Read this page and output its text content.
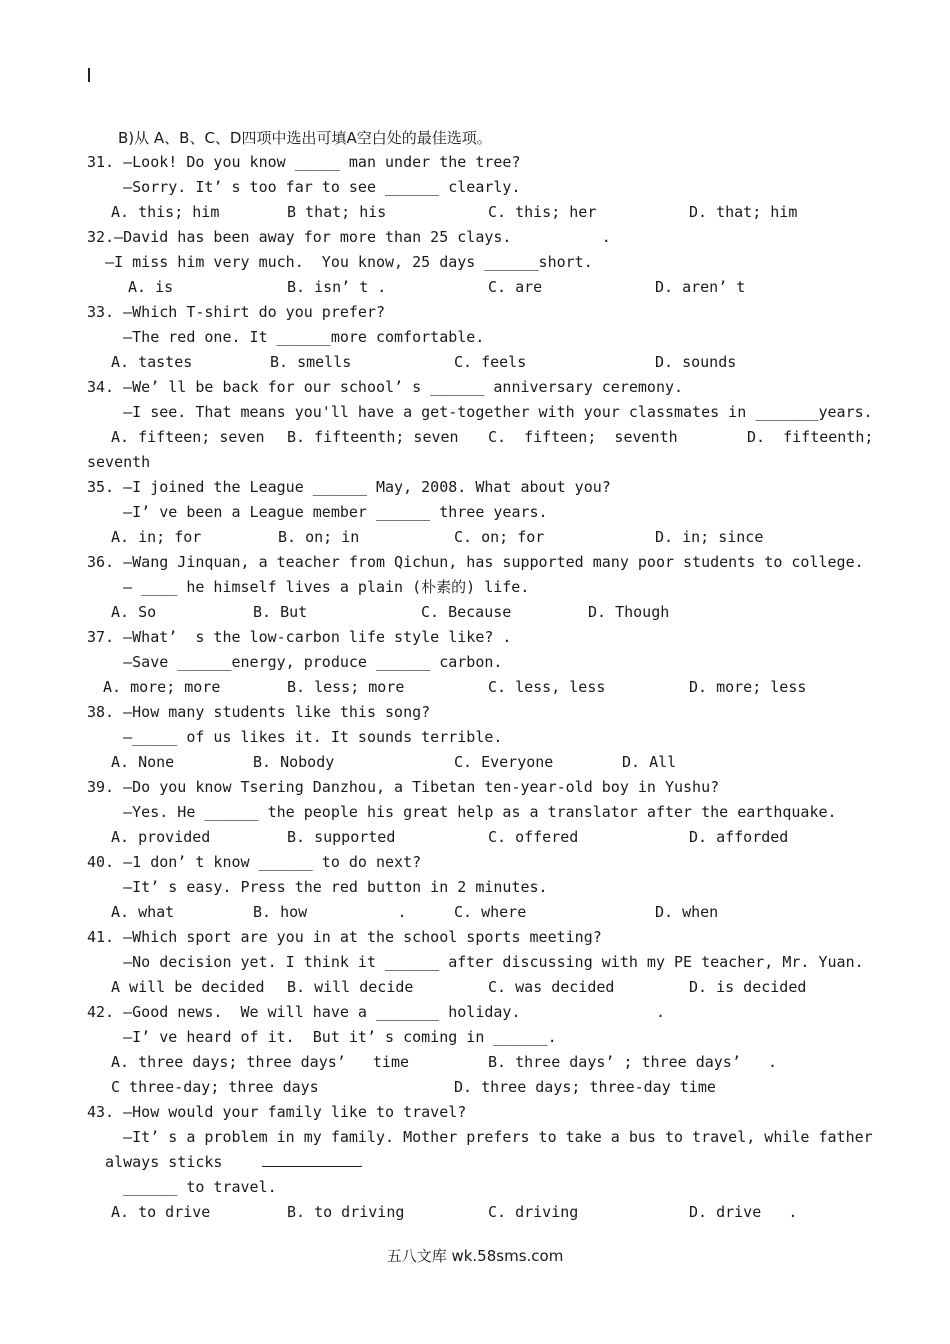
B)从 A、B、C、D四项中选出可填A空白处的最佳选项。
31. —Look! Do you know _____ man under the tree?
—Sorry. It’ s too far to see ______ clearly.
A. this; him	B that; his	C. this; her	D. that; him
32.—David has been away for more than 25 clays.          .
—I miss him very much.  You know, 25 days ______short.
A. is	B. isn’ t .	C. are	D. aren’ t
33. —Which T-shirt do you prefer?
—The red one. It ______more comfortable.
A. tastes	B. smells	C. feels	D. sounds
34. —We’ ll be back for our school’ s ______ anniversary ceremony.
—I see. That means you'll have a get-together with your classmates in _______years.
A. fifteen; seven B. fifteenth; seven C.  fifteen;  seventh	D.  fifteenth;
seventh
35. —I joined the League ______ May, 2008. What about you?
—I’ ve been a League member ______ three years.
A. in; for	B. on; in	C. on; for	D. in; since
36. —Wang Jinquan, a teacher from Qichun, has supported many poor students to college.
— ____ he himself lives a plain (朴素的) life.
A. So	B. But	C. Because	D. Though
37. —What’  s the low-carbon life style like? .
—Save ______energy, produce ______ carbon.
A. more; more	B. less; more	C. less, less	D. more; less
38. —How many students like this song?
—_____ of us likes it. It sounds terrible.
A. None	B. Nobody	C. Everyone	D. All
39. —Do you know Tsering Danzhou, a Tibetan ten-year-old boy in Yushu?
—Yes. He ______ the people his great help as a translator after the earthquake.
A. provided	B. supported	C. offered	D. afforded
40. —1 don’ t know ______ to do next?
—It’ s easy. Press the red button in 2 minutes.
A. what	B. how          .	C. where	D. when
41. —Which sport are you in at the school sports meeting?
—No decision yet. I think it ______ after discussing with my PE teacher, Mr. Yuan.
A will be decided B. will decide	C. was decided	D. is decided
42. —Good news.  We will have a _______ holiday.               .
—I’ ve heard of it.  But it’ s coming in ______.
A. three days; three days’   time	B. three days’ ; three days’   .
C three-day; three days	D. three days; three-day time
43. —How would your family like to travel?
—It’ s a problem in my family. Mother prefers to take a bus to travel, while father
always sticks
______ to travel.
A. to drive	B. to driving	C. driving	D. drive   .
五八文库 wk.58sms.com
